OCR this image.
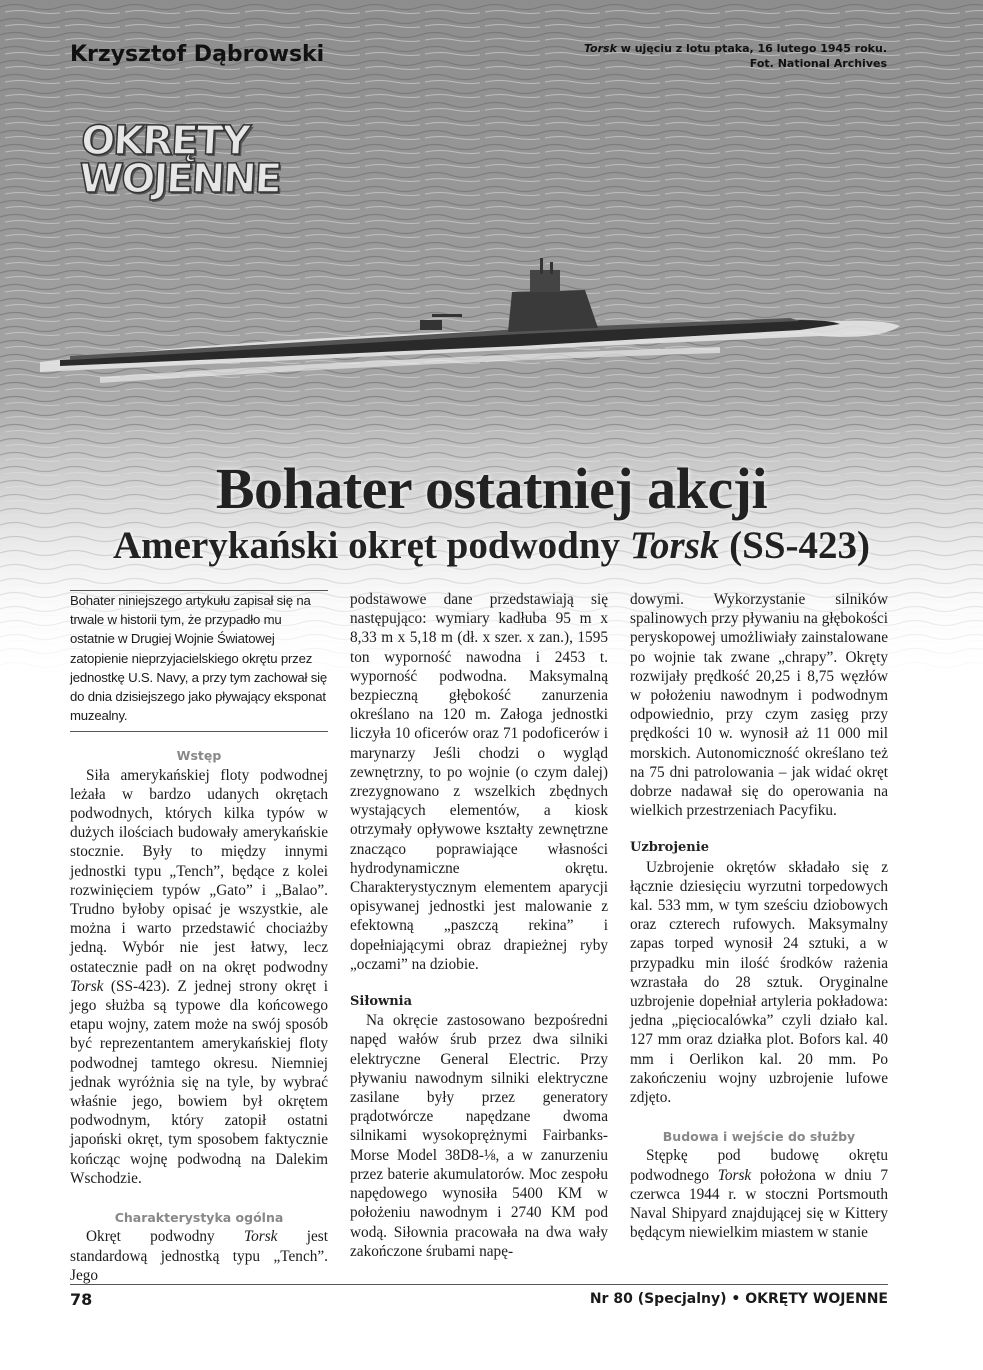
Krzysztof Dąbrowski	Torsk w ujęciu z lotu ptaka, 16 lutego 1945 roku.
Fot. National Archives
OKRĘTY
WOJENNE
Bohater ostatniej akcji
Amerykański okręt podwodny Torsk (SS-423)
Bohater niniejszego artykułu zapisał się na trwale w historii tym, że przypadło mu ostatnie w Drugiej Wojnie Światowej zatopienie nieprzyjacielskiego okrętu przez jednostkę U.S. Navy, a przy tym zachował się do dnia dzisiejszego jako pływający eksponat muzealny.
Wstęp

Siła amerykańskiej floty podwodnej leżała w bardzo udanych okrętach podwodnych, których kilka typów w dużych ilościach budowały amerykańskie stocznie. Były to między innymi jednostki typu „Tench”, będące z kolei rozwinięciem typów „Gato” i „Balao”. Trudno byłoby opisać je wszystkie, ale można i warto przedstawić chociażby jedną. Wybór nie jest łatwy, lecz ostatecznie padł on na okręt podwodny Torsk (SS-423). Z jednej strony okręt i jego służba są typowe dla końcowego etapu wojny, zatem może na swój sposób być reprezentantem amerykańskiej floty podwodnej tamtego okresu. Niemniej jednak wyróżnia się na tyle, by wybrać właśnie jego, bowiem był okrętem podwodnym, który zatopił ostatni japoński okręt, tym sposobem faktycznie kończąc wojnę podwodną na Dalekim Wschodzie.

Charakterystyka ogólna

Okręt podwodny Torsk jest standardową jednostką typu „Tench”. Jego

podstawowe dane przedstawiają się następująco: wymiary kadłuba 95 m x 8,33 m x 5,18 m (dł. x szer. x zan.), 1595 ton wyporność nawodna i 2453 t. wyporność podwodna. Maksymalną bezpieczną głębokość zanurzenia określano na 120 m. Załoga jednostki liczyła 10 oficerów oraz 71 podoficerów i marynarzy Jeśli chodzi o wygląd zewnętrzny, to po wojnie (o czym dalej) zrezygnowano z wszelkich zbędnych wystających elementów, a kiosk otrzymały opływowe kształty zewnętrzne znacząco poprawiające własności hydrodynamiczne okrętu. Charakterystycznym elementem aparycji opisywanej jednostki jest malowanie z efektowną „paszczą rekina” i dopełniającymi obraz drapieżnej ryby „oczami” na dziobie.

Siłownia

Na okręcie zastosowano bezpośredni napęd wałów śrub przez dwa silniki elektryczne General Electric. Przy pływaniu nawodnym silniki elektryczne zasilane były przez generatory prądotwórcze napędzane dwoma silnikami wysokoprężnymi Fairbanks-Morse Model 38D8-⅛, a w zanurzeniu przez baterie akumulatorów. Moc zespołu napędowego wynosiła 5400 KM w położeniu nawodnym i 2740 KM pod wodą. Siłownia pracowała na dwa wały zakończone śrubami napę-

dowymi. Wykorzystanie silników spalinowych przy pływaniu na głębokości peryskopowej umożliwiały zainstalowane po wojnie tak zwane „chrapy”. Okręty rozwijały prędkość 20,25 i 8,75 węzłów w położeniu nawodnym i podwodnym odpowiednio, przy czym zasięg przy prędkości 10 w. wynosił aż 11 000 mil morskich. Autonomiczność określano też na 75 dni patrolowania – jak widać okręt dobrze nadawał się do operowania na wielkich przestrzeniach Pacyfiku.

Uzbrojenie

Uzbrojenie okrętów składało się z łącznie dziesięciu wyrzutni torpedowych kal. 533 mm, w tym sześciu dziobowych oraz czterech rufowych. Maksymalny zapas torped wynosił 24 sztuki, a w przypadku min ilość środków rażenia wzrastała do 28 sztuk. Oryginalne uzbrojenie dopełniał artyleria pokładowa: jedna „pięciocalówka” czyli działo kal. 127 mm oraz działka plot. Bofors kal. 40 mm i Oerlikon kal. 20 mm. Po zakończeniu wojny uzbrojenie lufowe zdjęto.

Budowa i wejście do służby

Stępkę pod budowę okrętu podwodnego Torsk położona w dniu 7 czerwca 1944 r. w stoczni Portsmouth Naval Shipyard znajdującej się w Kittery będącym niewielkim miastem w stanie

78	Nr 80 (Specjalny) • OKRĘTY WOJENNE
